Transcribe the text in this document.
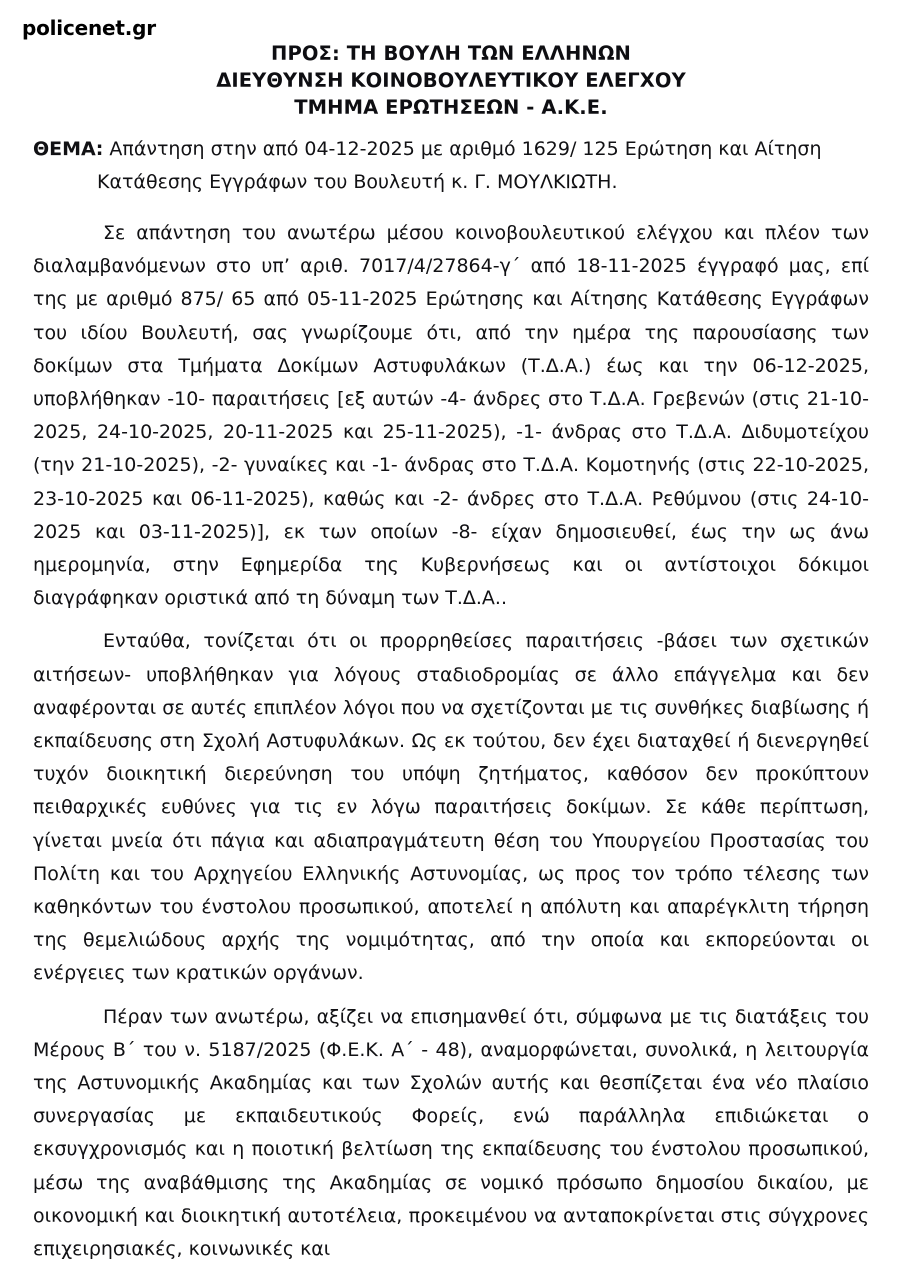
policenet.gr
ΠΡΟΣ: ΤΗ ΒΟΥΛΗ ΤΩΝ ΕΛΛΗΝΩΝ
ΔΙΕΥΘΥΝΣΗ ΚΟΙΝΟΒΟΥΛΕΥΤΙΚΟΥ ΕΛΕΓΧΟΥ
ΤΜΗΜΑ ΕΡΩΤΗΣΕΩΝ - Α.Κ.Ε.
ΘΕΜΑ: Απάντηση στην από 04-12-2025 με αριθμό 1629/ 125 Ερώτηση και Αίτηση
Κατάθεσης Εγγράφων του Βουλευτή κ. Γ. ΜΟΥΛΚΙΩΤΗ.

Σε απάντηση του ανωτέρω μέσου κοινοβουλευτικού ελέγχου και πλέον των διαλαμβανόμενων στο υπ’ αριθ. 7017/4/27864-γ΄ από 18-11-2025 έγγραφό μας, επί της με αριθμό 875/ 65 από 05-11-2025 Ερώτησης και Αίτησης Κατάθεσης Εγγράφων του ιδίου Βουλευτή, σας γνωρίζουμε ότι, από την ημέρα της παρουσίασης των δοκίμων στα Τμήματα Δοκίμων Αστυφυλάκων (Τ.Δ.Α.) έως και την 06-12-2025, υποβλήθηκαν -10- παραιτήσεις [εξ αυτών -4- άνδρες στο Τ.Δ.Α. Γρεβενών (στις 21-10-2025, 24-10-2025, 20-11-2025 και 25-11-2025), -1- άνδρας στο Τ.Δ.Α. Διδυμοτείχου (την 21-10-2025), -2- γυναίκες και -1- άνδρας στο Τ.Δ.Α. Κομοτηνής (στις 22-10-2025, 23-10-2025 και 06-11-2025), καθώς και -2- άνδρες στο Τ.Δ.Α. Ρεθύμνου (στις 24-10-2025 και 03-11-2025)], εκ των οποίων -8- είχαν δημοσιευθεί, έως την ως άνω ημερομηνία, στην Εφημερίδα της Κυβερνήσεως και οι αντίστοιχοι δόκιμοι διαγράφηκαν οριστικά από τη δύναμη των Τ.Δ.Α..

Ενταύθα, τονίζεται ότι οι προρρηθείσες παραιτήσεις -βάσει των σχετικών αιτήσεων- υποβλήθηκαν για λόγους σταδιοδρομίας σε άλλο επάγγελμα και δεν αναφέρονται σε αυτές επιπλέον λόγοι που να σχετίζονται με τις συνθήκες διαβίωσης ή εκπαίδευσης στη Σχολή Αστυφυλάκων. Ως εκ τούτου, δεν έχει διαταχθεί ή διενεργηθεί τυχόν διοικητική διερεύνηση του υπόψη ζητήματος, καθόσον δεν προκύπτουν πειθαρχικές ευθύνες για τις εν λόγω παραιτήσεις δοκίμων. Σε κάθε περίπτωση, γίνεται μνεία ότι πάγια και αδιαπραγμάτευτη θέση του Υπουργείου Προστασίας του Πολίτη και του Αρχηγείου Ελληνικής Αστυνομίας, ως προς τον τρόπο τέλεσης των καθηκόντων του ένστολου προσωπικού, αποτελεί η απόλυτη και απαρέγκλιτη τήρηση της θεμελιώδους αρχής της νομιμότητας, από την οποία και εκπορεύονται οι ενέργειες των κρατικών οργάνων.

Πέραν των ανωτέρω, αξίζει να επισημανθεί ότι, σύμφωνα με τις διατάξεις του Μέρους Β΄ του ν. 5187/2025 (Φ.Ε.Κ. Α΄ - 48), αναμορφώνεται, συνολικά, η λειτουργία της Αστυνομικής Ακαδημίας και των Σχολών αυτής και θεσπίζεται ένα νέο πλαίσιο συνεργασίας με εκπαιδευτικούς Φορείς, ενώ παράλληλα επιδιώκεται ο εκσυγχρονισμός και η ποιοτική βελτίωση της εκπαίδευσης του ένστολου προσωπικού, μέσω της αναβάθμισης της Ακαδημίας σε νομικό πρόσωπο δημοσίου δικαίου, με οικονομική και διοικητική αυτοτέλεια, προκειμένου να ανταποκρίνεται στις σύγχρονες επιχειρησιακές, κοινωνικές και
